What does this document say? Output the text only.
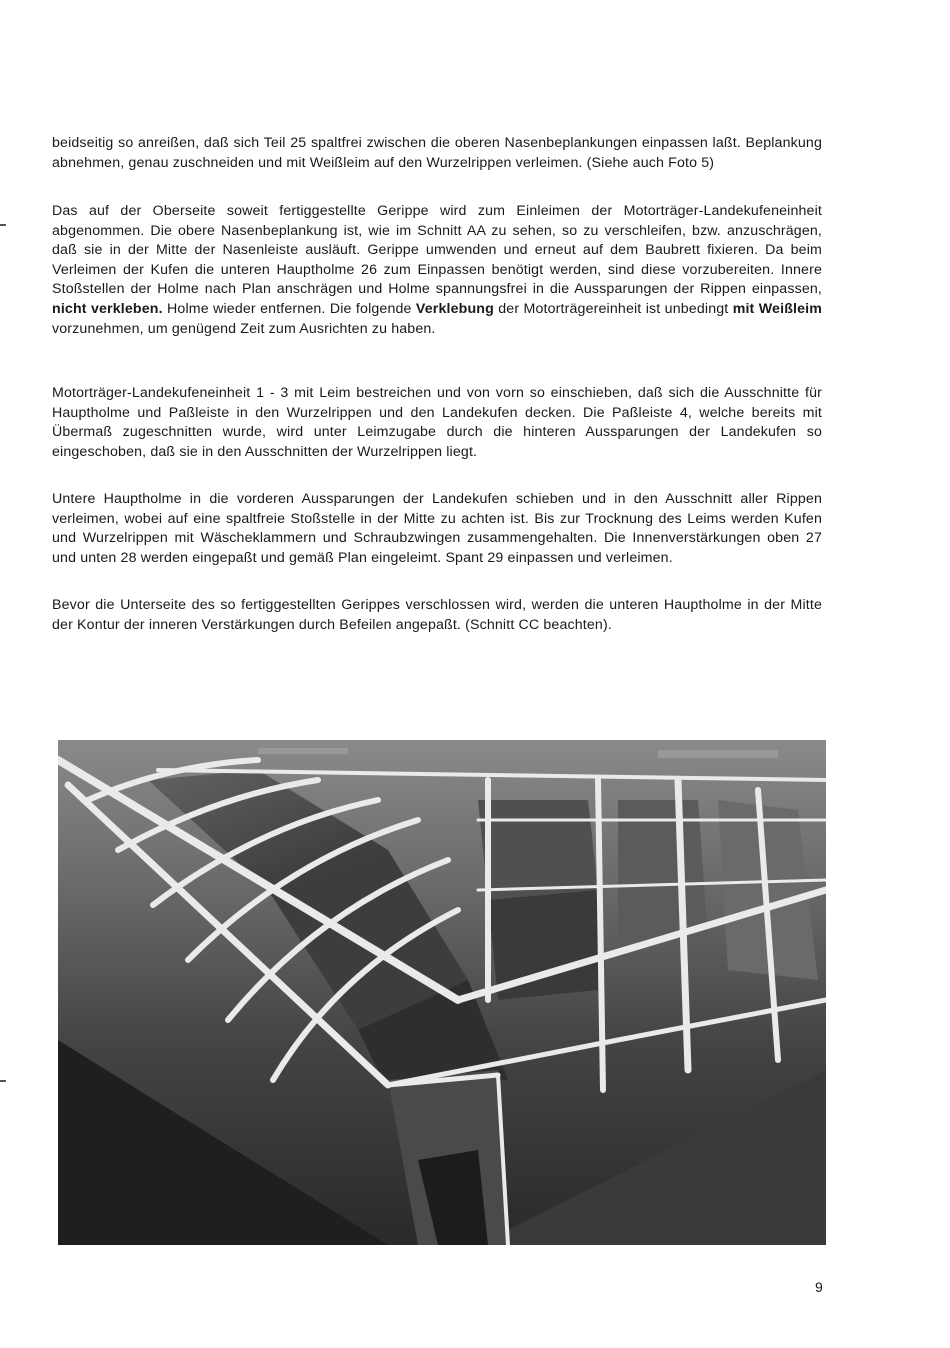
beidseitig so anreißen, daß sich Teil 25 spaltfrei zwischen die oberen Nasenbeplankungen einpassen laßt. Beplankung abnehmen, genau zuschneiden und mit Weißleim auf den Wurzelrippen verleimen. (Siehe auch Foto 5)

Das auf der Oberseite soweit fertiggestellte Gerippe wird zum Einleimen der Motorträger-Landekufeneinheit abgenommen. Die obere Nasenbeplankung ist, wie im Schnitt AA zu sehen, so zu verschleifen, bzw. anzuschrägen, daß sie in der Mitte der Nasenleiste ausläuft. Gerippe umwenden und erneut auf dem Baubrett fixieren. Da beim Verleimen der Kufen die unteren Hauptholme 26 zum Einpassen benötigt werden, sind diese vorzubereiten. Innere Stoßstellen der Holme nach Plan anschrägen und Holme spannungsfrei in die Aussparungen der Rippen einpassen, nicht verkleben. Holme wieder entfernen. Die folgende Verklebung der Motorträgereinheit ist unbedingt mit Weißleim vorzunehmen, um genügend Zeit zum Ausrichten zu haben.

Motorträger-Landekufeneinheit 1 - 3 mit Leim bestreichen und von vorn so einschieben, daß sich die Ausschnitte für Hauptholme und Paßleiste in den Wurzelrippen und den Landekufen decken. Die Paßleiste 4, welche bereits mit Übermaß zugeschnitten wurde, wird unter Leimzugabe durch die hinteren Aussparungen der Landekufen so eingeschoben, daß sie in den Ausschnitten der Wurzelrippen liegt.

Untere Hauptholme in die vorderen Aussparungen der Landekufen schieben und in den Ausschnitt aller Rippen verleimen, wobei auf eine spaltfreie Stoßstelle in der Mitte zu achten ist. Bis zur Trocknung des Leims werden Kufen und Wurzelrippen mit Wäscheklammern und Schraubzwingen zusammengehalten. Die Innenverstärkungen oben 27 und unten 28 werden eingepaßt und gemäß Plan eingeleimt. Spant 29 einpassen und verleimen.

Bevor die Unterseite des so fertiggestellten Gerippes verschlossen wird, werden die unteren Hauptholme in der Mitte der Kontur der inneren Verstärkungen durch Befeilen angepaßt. (Schnitt CC beachten).

9
